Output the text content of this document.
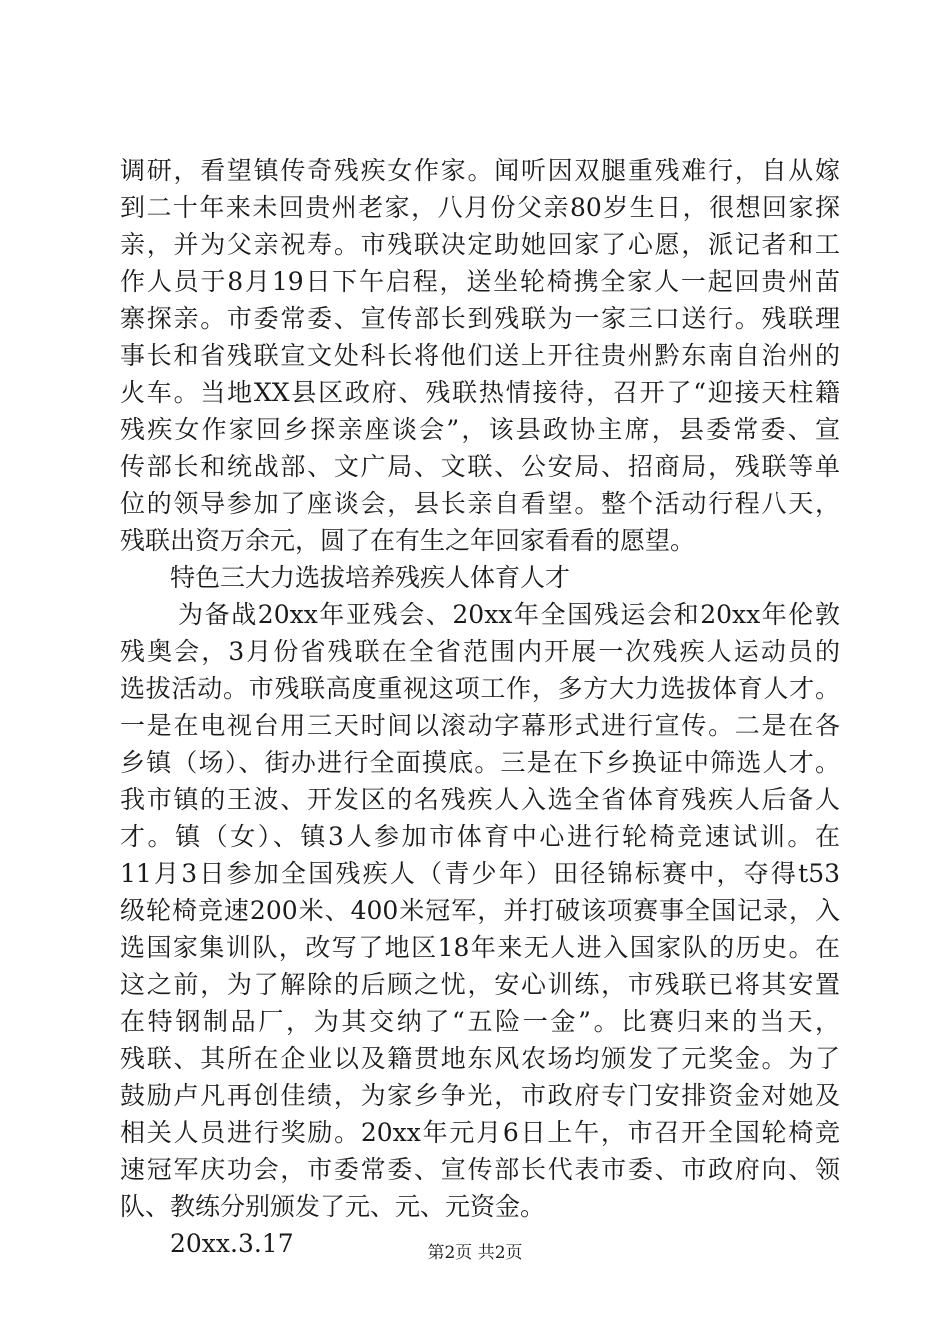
调研，看望镇传奇残疾女作家。闻听因双腿重残难行，自从嫁
到二十年来未回贵州老家，八月份父亲80岁生日，很想回家探
亲，并为父亲祝寿。市残联决定助她回家了心愿，派记者和工
作人员于8月19日下午启程，送坐轮椅携全家人一起回贵州苗
寨探亲。市委常委、宣传部长到残联为一家三口送行。残联理
事长和省残联宣文处科长将他们送上开往贵州黔东南自治州的
火车。当地XX县区政府、残联热情接待，召开了“迎接天柱籍
残疾女作家回乡探亲座谈会”，该县政协主席，县委常委、宣
传部长和统战部、文广局、文联、公安局、招商局，残联等单
位的领导参加了座谈会，县长亲自看望。整个活动行程八天，
残联出资万余元，圆了在有生之年回家看看的愿望。
特色三大力选拔培养残疾人体育人才
为备战20xx年亚残会、20xx年全国残运会和20xx年伦敦
残奥会，3月份省残联在全省范围内开展一次残疾人运动员的
选拔活动。市残联高度重视这项工作，多方大力选拔体育人才。
一是在电视台用三天时间以滚动字幕形式进行宣传。二是在各
乡镇（场）、街办进行全面摸底。三是在下乡换证中筛选人才。
我市镇的王波、开发区的名残疾人入选全省体育残疾人后备人
才。镇（女）、镇3人参加市体育中心进行轮椅竞速试训。在
11月3日参加全国残疾人（青少年）田径锦标赛中，夺得t53
级轮椅竞速200米、400米冠军，并打破该项赛事全国记录，入
选国家集训队，改写了地区18年来无人进入国家队的历史。在
这之前，为了解除的后顾之忧，安心训练，市残联已将其安置
在特钢制品厂，为其交纳了“五险一金”。比赛归来的当天，
残联、其所在企业以及籍贯地东风农场均颁发了元奖金。为了
鼓励卢凡再创佳绩，为家乡争光，市政府专门安排资金对她及
相关人员进行奖励。20xx年元月6日上午，市召开全国轮椅竞
速冠军庆功会，市委常委、宣传部长代表市委、市政府向、领
队、教练分别颁发了元、元、元资金。
20xx.3.17	第2页 共2页
